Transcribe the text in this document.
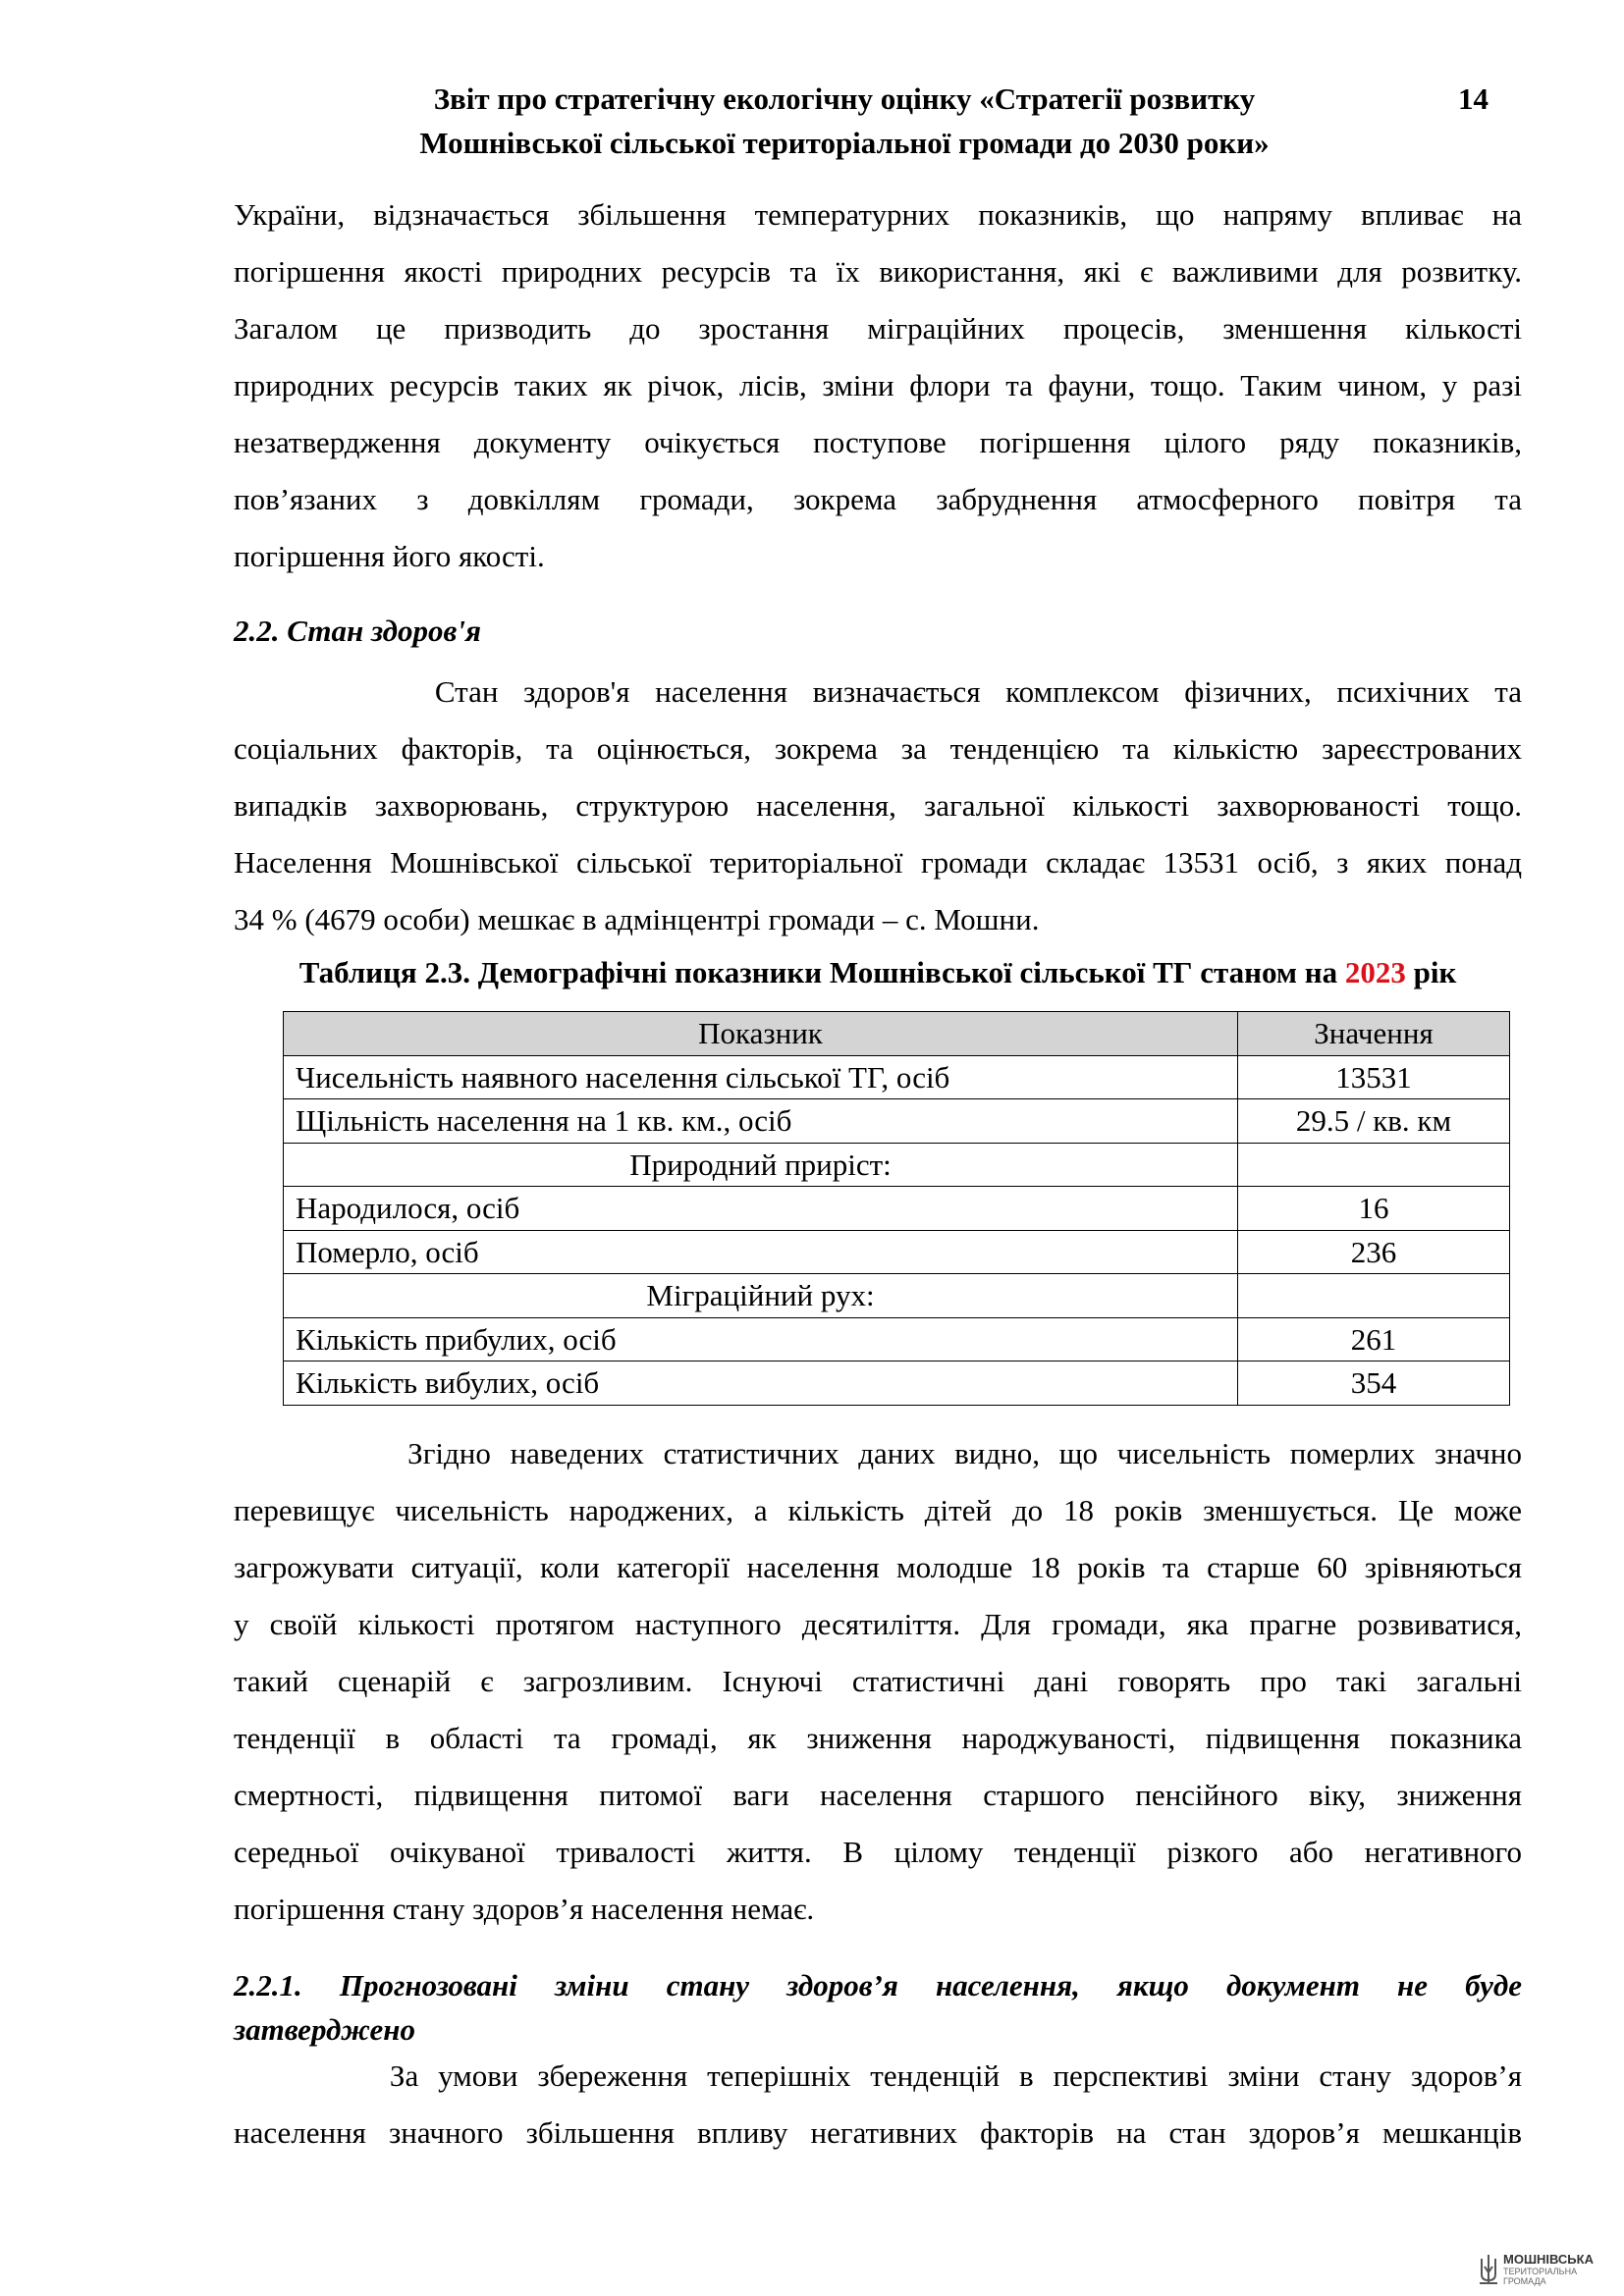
Звіт про стратегічну екологічну оцінку «Стратегії розвитку
Мошнівської сільської територіальної громади до 2030 роки»
14

України, відзначається збільшення температурних показників, що напряму впливає на
погіршення якості природних ресурсів та їх використання, які є важливими для розвитку.
Загалом це призводить до зростання міграційних процесів, зменшення кількості
природних ресурсів таких як річок, лісів, зміни флори та фауни, тощо. Таким чином, у разі
незатвердження документу очікується поступове погіршення цілого ряду показників,
пов’язаних з довкіллям громади, зокрема забруднення атмосферного повітря та
погіршення його якості.

2.2. Стан здоров'я

Стан здоров'я населення визначається комплексом фізичних, психічних та
соціальних факторів, та оцінюється, зокрема за тенденцією та кількістю зареєстрованих
випадків захворювань, структурою населення, загальної кількості захворюваності тощо.
Населення Мошнівської сільської територіальної громади складає 13531 осіб, з яких понад
34 % (4679 особи) мешкає в адмінцентрі громади – с. Мошни.

Таблиця 2.3. Демографічні показники Мошнівської сільської ТГ станом на 2023 рік
Показник	Значення
Чисельність наявного населення сільської ТГ, осіб	13531
Щільність населення на 1 кв. км., осіб	29.5 / кв. км
Природний приріст:	
Народилося, осіб	16
Померло, осіб	236
Міграційний рух:	
Кількість прибулих, осіб	261
Кількість вибулих, осіб	354

Згідно наведених статистичних даних видно, що чисельність померлих значно
перевищує чисельність народжених, а кількість дітей до 18 років зменшується. Це може
загрожувати ситуації, коли категорії населення молодше 18 років та старше 60 зрівняються
у своїй кількості протягом наступного десятиліття. Для громади, яка прагне розвиватися,
такий сценарій є загрозливим. Існуючі статистичні дані говорять про такі загальні
тенденції в області та громаді, як зниження народжуваності, підвищення показника
смертності, підвищення питомої ваги населення старшого пенсійного віку, зниження
середньої очікуваної тривалості життя. В цілому тенденції різкого або негативного
погіршення стану здоров’я населення немає.

2.2.1. Прогнозовані зміни стану здоров’я населення, якщо документ не буде
затверджено

За умови збереження теперішніх тенденцій в перспективі зміни стану здоров’я
населення значного збільшення впливу негативних факторів на стан здоров’я мешканців

МОШНІВСЬКА
ТЕРИТОРІАЛЬНА
ГРОМАДА
